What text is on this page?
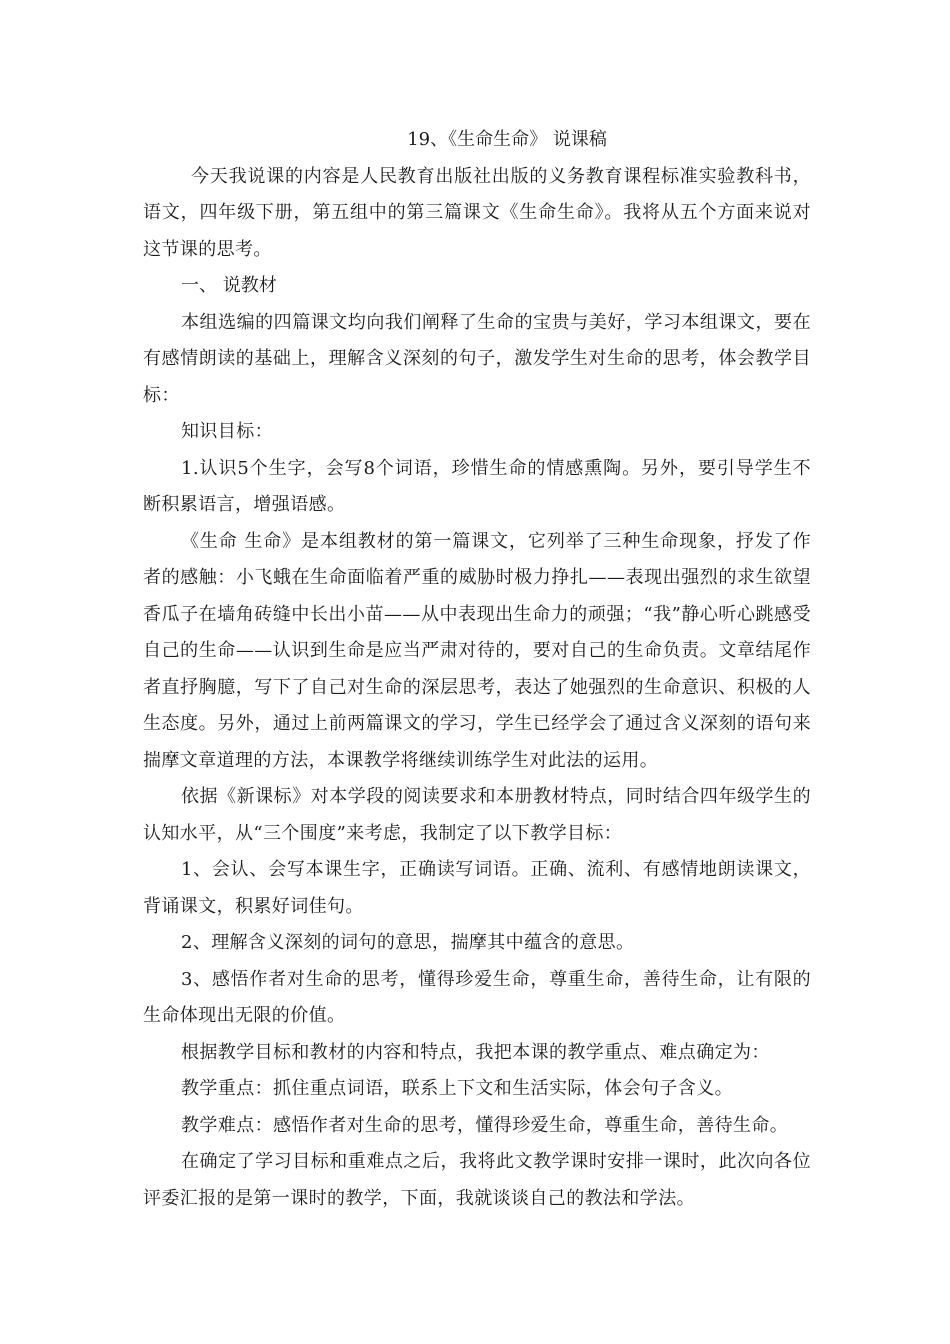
19、《生命生命》 说课稿

今天我说课的内容是人民教育出版社出版的义务教育课程标准实验教科书，语文，四年级下册，第五组中的第三篇课文《生命生命》。我将从五个方面来说对这节课的思考。

一、 说教材

本组选编的四篇课文均向我们阐释了生命的宝贵与美好，学习本组课文，要在有感情朗读的基础上，理解含义深刻的句子，激发学生对生命的思考，体会教学目标：

知识目标：

1.认识5个生字，会写8个词语，珍惜生命的情感熏陶。另外，要引导学生不断积累语言，增强语感。

《生命 生命》是本组教材的第一篇课文，它列举了三种生命现象，抒发了作者的感触：小飞蛾在生命面临着严重的威胁时极力挣扎——表现出强烈的求生欲望香瓜子在墙角砖缝中长出小苗——从中表现出生命力的顽强；“我”静心听心跳感受自己的生命——认识到生命是应当严肃对待的，要对自己的生命负责。文章结尾作者直抒胸臆，写下了自己对生命的深层思考，表达了她强烈的生命意识、积极的人生态度。另外，通过上前两篇课文的学习，学生已经学会了通过含义深刻的语句来揣摩文章道理的方法，本课教学将继续训练学生对此法的运用。

依据《新课标》对本学段的阅读要求和本册教材特点，同时结合四年级学生的认知水平，从“三个围度”来考虑，我制定了以下教学目标：

1、会认、会写本课生字，正确读写词语。正确、流利、有感情地朗读课文，背诵课文，积累好词佳句。

2、理解含义深刻的词句的意思，揣摩其中蕴含的意思。

3、感悟作者对生命的思考，懂得珍爱生命，尊重生命，善待生命，让有限的生命体现出无限的价值。

根据教学目标和教材的内容和特点，我把本课的教学重点、难点确定为：

教学重点：抓住重点词语，联系上下文和生活实际，体会句子含义。

教学难点：感悟作者对生命的思考，懂得珍爱生命，尊重生命，善待生命。

在确定了学习目标和重难点之后，我将此文教学课时安排一课时，此次向各位评委汇报的是第一课时的教学，下面，我就谈谈自己的教法和学法。
